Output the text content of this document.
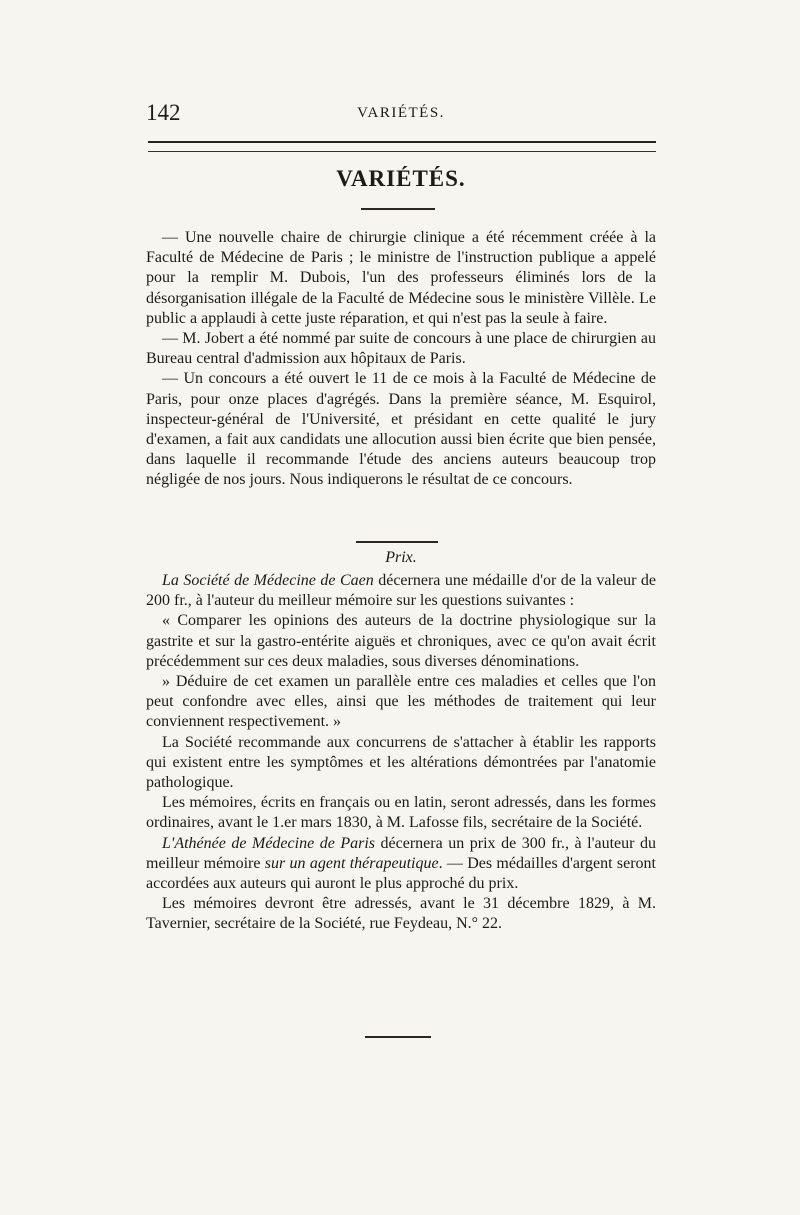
142	VARIÉTÉS.
VARIÉTÉS.

— Une nouvelle chaire de chirurgie clinique a été récemment créée à la Faculté de Médecine de Paris ; le ministre de l'instruction publique a appelé pour la remplir M. Dubois, l'un des professeurs éliminés lors de la désorganisation illégale de la Faculté de Médecine sous le ministère Villèle. Le public a applaudi à cette juste réparation, et qui n'est pas la seule à faire.

— M. Jobert a été nommé par suite de concours à une place de chirurgien au Bureau central d'admission aux hôpitaux de Paris.

— Un concours a été ouvert le 11 de ce mois à la Faculté de Médecine de Paris, pour onze places d'agrégés. Dans la première séance, M. Esquirol, inspecteur-général de l'Université, et présidant en cette qualité le jury d'examen, a fait aux candidats une allocution aussi bien écrite que bien pensée, dans laquelle il recommande l'étude des anciens auteurs beaucoup trop négligée de nos jours. Nous indiquerons le résultat de ce concours.

Prix.

La Société de Médecine de Caen décernera une médaille d'or de la valeur de 200 fr., à l'auteur du meilleur mémoire sur les questions suivantes :

« Comparer les opinions des auteurs de la doctrine physiologique sur la gastrite et sur la gastro-entérite aiguës et chroniques, avec ce qu'on avait écrit précédemment sur ces deux maladies, sous diverses dénominations.

» Déduire de cet examen un parallèle entre ces maladies et celles que l'on peut confondre avec elles, ainsi que les méthodes de traitement qui leur conviennent respectivement. »

La Société recommande aux concurrens de s'attacher à établir les rapports qui existent entre les symptômes et les altérations démontrées par l'anatomie pathologique.

Les mémoires, écrits en français ou en latin, seront adressés, dans les formes ordinaires, avant le 1.er mars 1830, à M. Lafosse fils, secrétaire de la Société.

L'Athénée de Médecine de Paris décernera un prix de 300 fr., à l'auteur du meilleur mémoire sur un agent thérapeutique. — Des médailles d'argent seront accordées aux auteurs qui auront le plus approché du prix.

Les mémoires devront être adressés, avant le 31 décembre 1829, à M. Tavernier, secrétaire de la Société, rue Feydeau, N.° 22.
